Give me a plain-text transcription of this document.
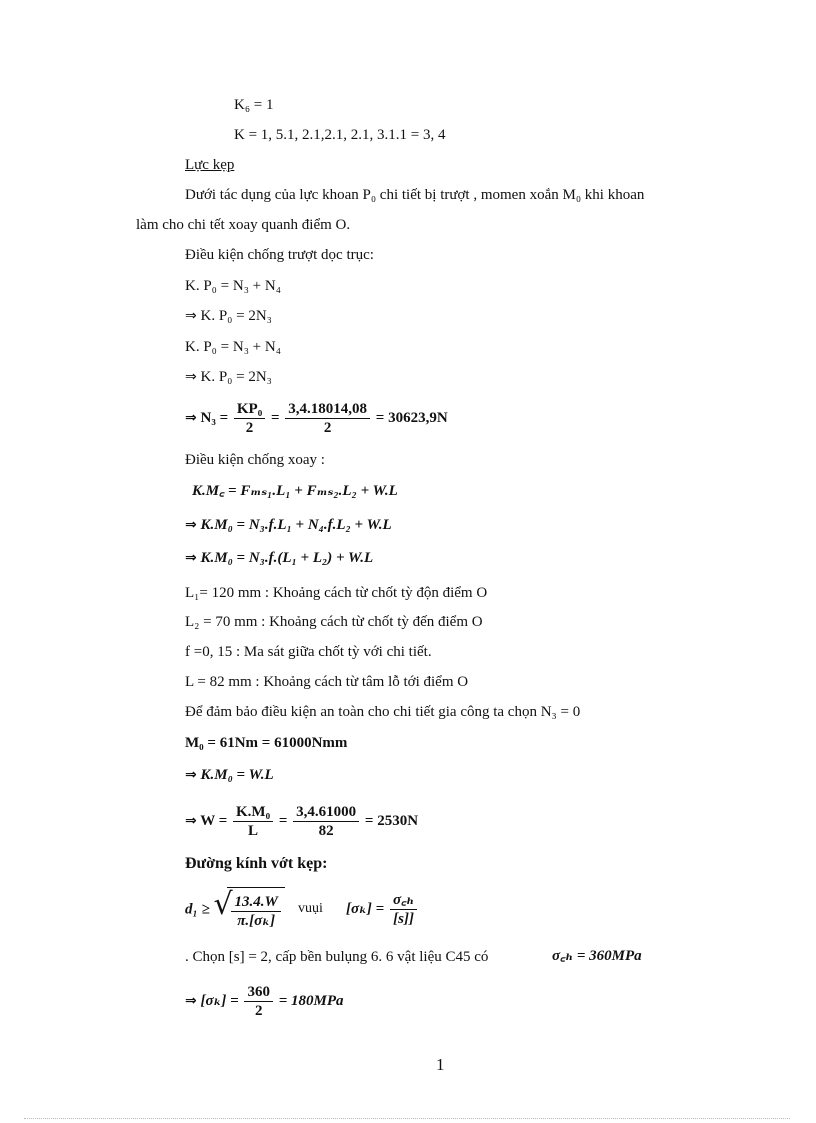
K₆ = 1
K = 1, 5.1, 2.1,2.1, 2.1, 3.1.1 = 3, 4
Lực kẹp
Dưới tác dụng của lực khoan P₀ chi tiết bị trượt , momen xoắn M₀ khi khoan
làm cho chi tết xoay quanh điểm O.
Điều kiện chống trượt dọc trục:
K. P₀ = N₃ + N₄
⇒ K. P₀ = 2N₃
K. P₀ = N₃ + N₄
⇒ K. P₀ = 2N₃
⇒ $N_3 = \frac{\text{KP₀}}{2} = \frac{3,4.18014,08}{2} = 30623,9N$
Điều kiện chống xoay :
K.M꜀ = Fₘₛ₁.L₁ + Fₘₛ₂.L₂ + W.L
⇒ K.M₀ = N₃.f.L₁ + N₄.f.L₂ + W.L
⇒ K.M₀ = N₃.f.(L₁ + L₂) + W.L
L₁= 120 mm : Khoảng cách từ chốt tỳ độn điểm O
L₂ = 70 mm : Khoảng cách từ chốt tỳ đến điểm O
f =0, 15 : Ma sát giữa chốt tỳ với chi tiết.
L = 82 mm : Khoảng cách từ tâm lỗ tới điểm O
Để đảm bảo điều kiện an toàn cho chi tiết gia công ta chọn N₃ = 0
M₀ = 61Nm = 61000Nmm
⇒ K.M₀ = W.L
⇒ $W = \frac{\text{K.M₀}}{L} = \frac{3,4.61000}{82} = 2530N$
Đường kính vớt kẹp:
d₁ ≥ √
$\frac{13.4.W}{\text{π.[σₖ]}}$ vuụi $[\sigma_k] = \frac{\text{σ꜀ₕ}}{[s]]}$
. Chọn [s] = 2, cấp bền bulụng 6. 6 vật liệu C45 có	σ꜀ₕ = 360MPa
⇒ $[\sigma_k] = \frac{360}{2} = 180MPa$
1
